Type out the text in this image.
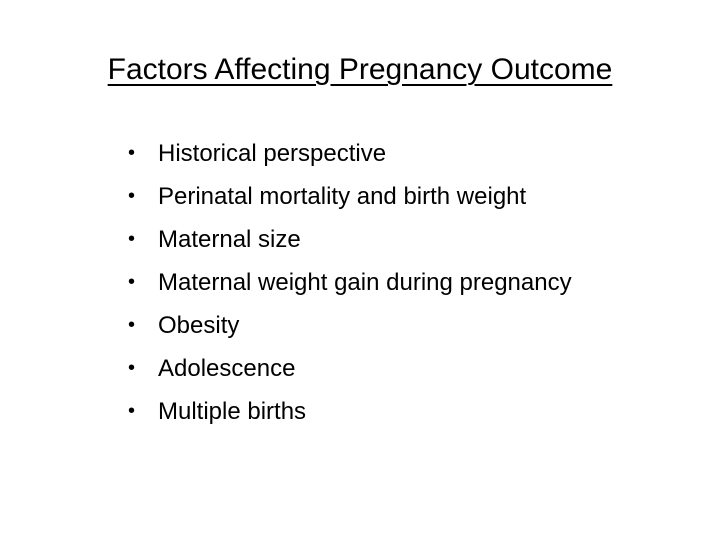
Factors Affecting Pregnancy Outcome
• Historical perspective
• Perinatal mortality and birth weight
• Maternal size
• Maternal weight gain during pregnancy
• Obesity
• Adolescence
• Multiple births
